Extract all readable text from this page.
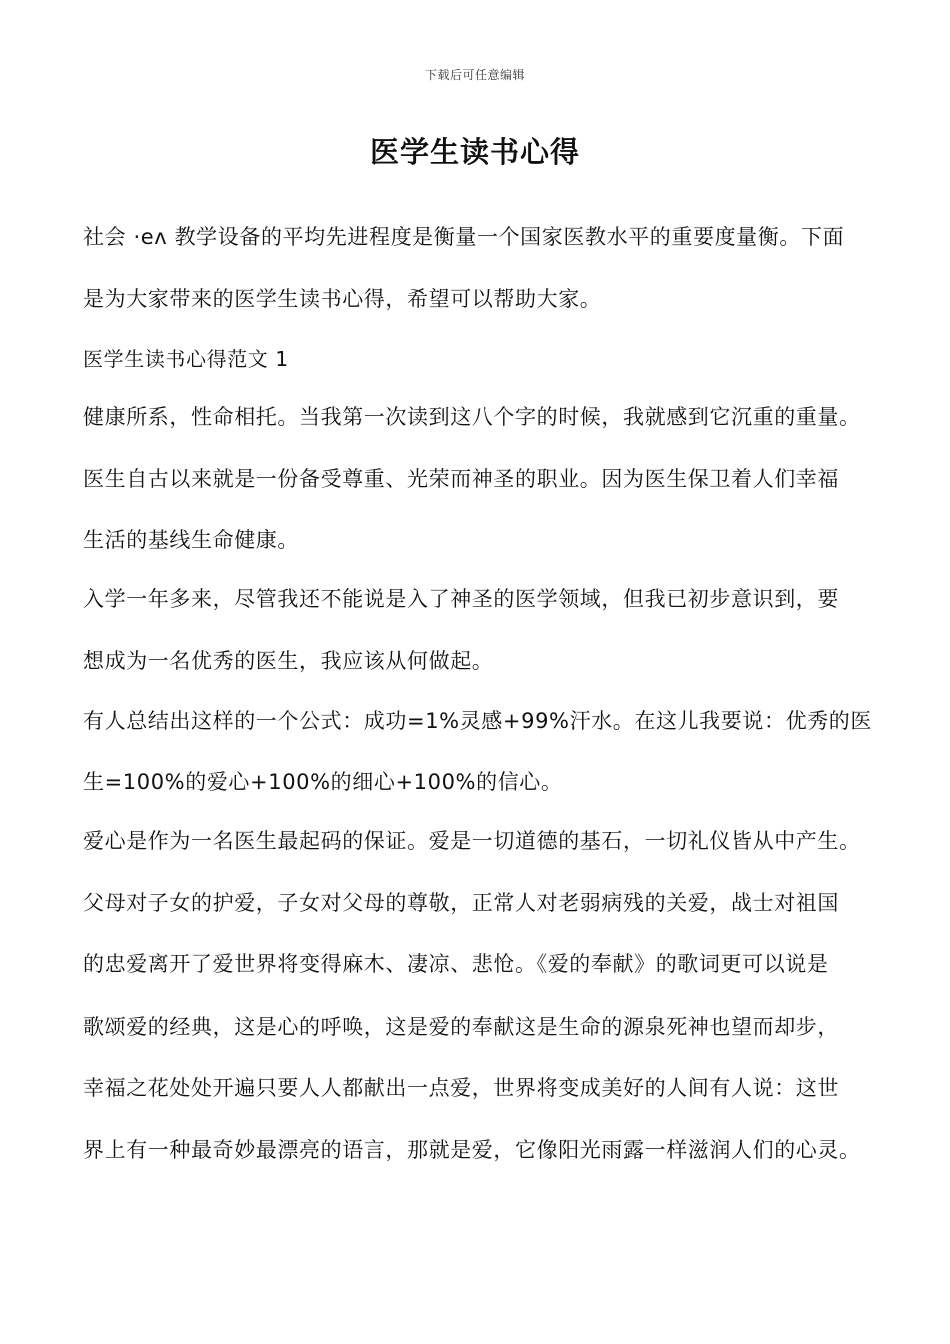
下载后可任意编辑
医学生读书心得
社会 ·eʌ 教学设备的平均先进程度是衡量一个国家医教水平的重要度量衡。下面
是为大家带来的医学生读书心得，希望可以帮助大家。
医学生读书心得范文 1
健康所系，性命相托。当我第一次读到这八个字的时候，我就感到它沉重的重量。
医生自古以来就是一份备受尊重、光荣而神圣的职业。因为医生保卫着人们幸福
生活的基线生命健康。
入学一年多来，尽管我还不能说是入了神圣的医学领域，但我已初步意识到，要
想成为一名优秀的医生，我应该从何做起。
有人总结出这样的一个公式：成功=1%灵感+99%汗水。在这儿我要说：优秀的医
生=100%的爱心+100%的细心+100%的信心。
爱心是作为一名医生最起码的保证。爱是一切道德的基石，一切礼仪皆从中产生。
父母对子女的护爱，子女对父母的尊敬，正常人对老弱病残的关爱，战士对祖国
的忠爱离开了爱世界将变得麻木、凄凉、悲怆。《爱的奉献》的歌词更可以说是
歌颂爱的经典，这是心的呼唤，这是爱的奉献这是生命的源泉死神也望而却步，
幸福之花处处开遍只要人人都献出一点爱，世界将变成美好的人间有人说：这世
界上有一种最奇妙最漂亮的语言，那就是爱，它像阳光雨露一样滋润人们的心灵。
